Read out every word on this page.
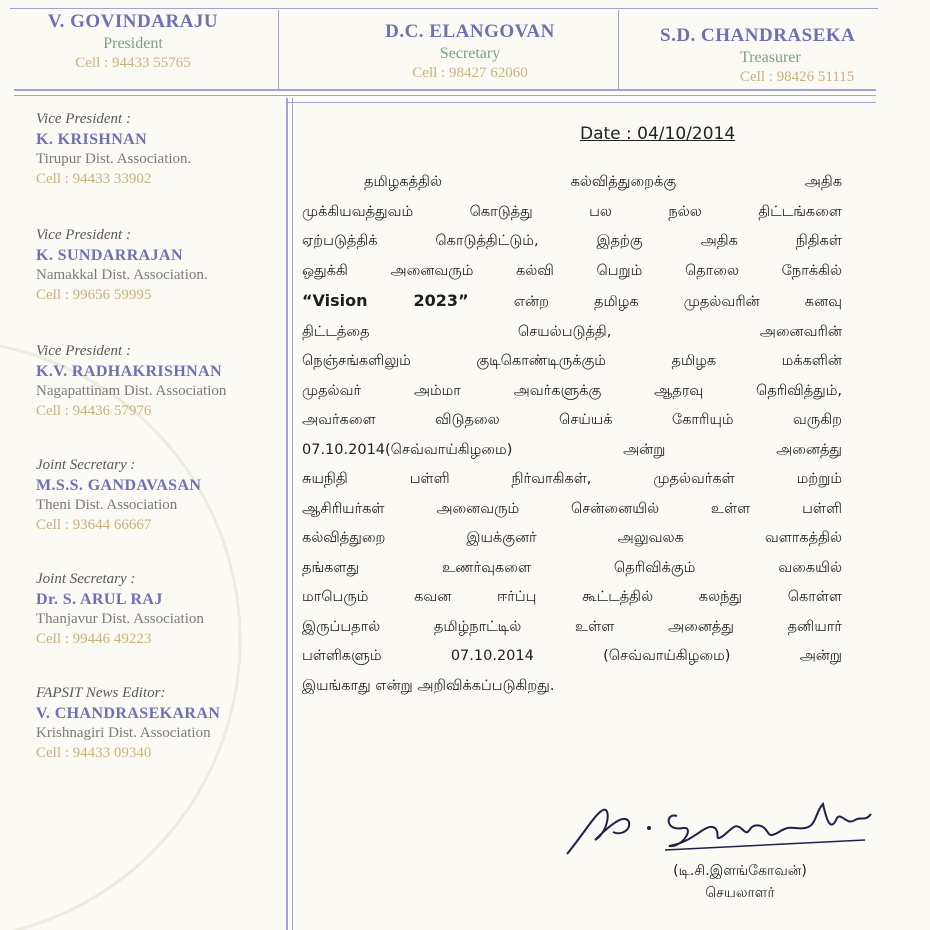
V. GOVINDARAJU
President
Cell : 94433 55765
D.C. ELANGOVAN
Secretary
Cell : 98427 62060
S.D. CHANDRASEKA
Treasurer
Cell : 98426 51115
Vice President :
K. KRISHNAN
Tirupur Dist. Association.
Cell : 94433 33902
Vice President :
K. SUNDARRAJAN
Namakkal Dist. Association.
Cell : 99656 59995
Vice President :
K.V. RADHAKRISHNAN
Nagapattinam Dist. Association
Cell : 94436 57976
Joint Secretary :
M.S.S. GANDAVASAN
Theni Dist. Association
Cell : 93644 66667
Joint Secretary :
Dr. S. ARUL RAJ
Thanjavur Dist. Association
Cell : 99446 49223
FAPSIT News Editor:
V. CHANDRASEKARAN
Krishnagiri Dist. Association
Cell : 94433 09340
Date : 04/10/2014
தமிழகத்தில் கல்வித்துறைக்கு அதிக
முக்கியவத்துவம் கொடுத்து பல நல்ல திட்டங்களை
ஏற்படுத்திக் கொடுத்திட்டும், இதற்கு அதிக நிதிகள்
ஒதுக்கி அனைவரும் கல்வி பெறும் தொலை நோக்கில்
“Vision 2023”	என்ற தமிழக முதல்வரின் கனவு
திட்டத்தை செயல்படுத்தி, அனைவரின்
நெஞ்சங்களிலும் குடிகொண்டிருக்கும் தமிழக மக்களின்
முதல்வர் அம்மா அவர்களுக்கு ஆதரவு தெரிவித்தும்,
அவர்களை விடுதலை செய்யக் கோரியும் வருகிற
07.10.2014(செவ்வாய்கிழமை) அன்று அனைத்து
சுயநிதி பள்ளி நிர்வாகிகள், முதல்வர்கள் மற்றும்
ஆசிரியர்கள் அனைவரும் சென்னையில் உள்ள பள்ளி
கல்வித்துறை இயக்குனர் அலுவலக வளாகத்தில்
தங்களது உணர்வுகளை தெரிவிக்கும் வகையில்
மாபெரும் கவன ஈர்ப்பு கூட்டத்தில் கலந்து கொள்ள
இருப்பதால் தமிழ்நாட்டில் உள்ள அனைத்து தனியார்
பள்ளிகளும் 07.10.2014 (செவ்வாய்கிழமை) அன்று
இயங்காது என்று அறிவிக்கப்படுகிறது.
(டி.சி.இளங்கோவன்)
செயலாளர்
